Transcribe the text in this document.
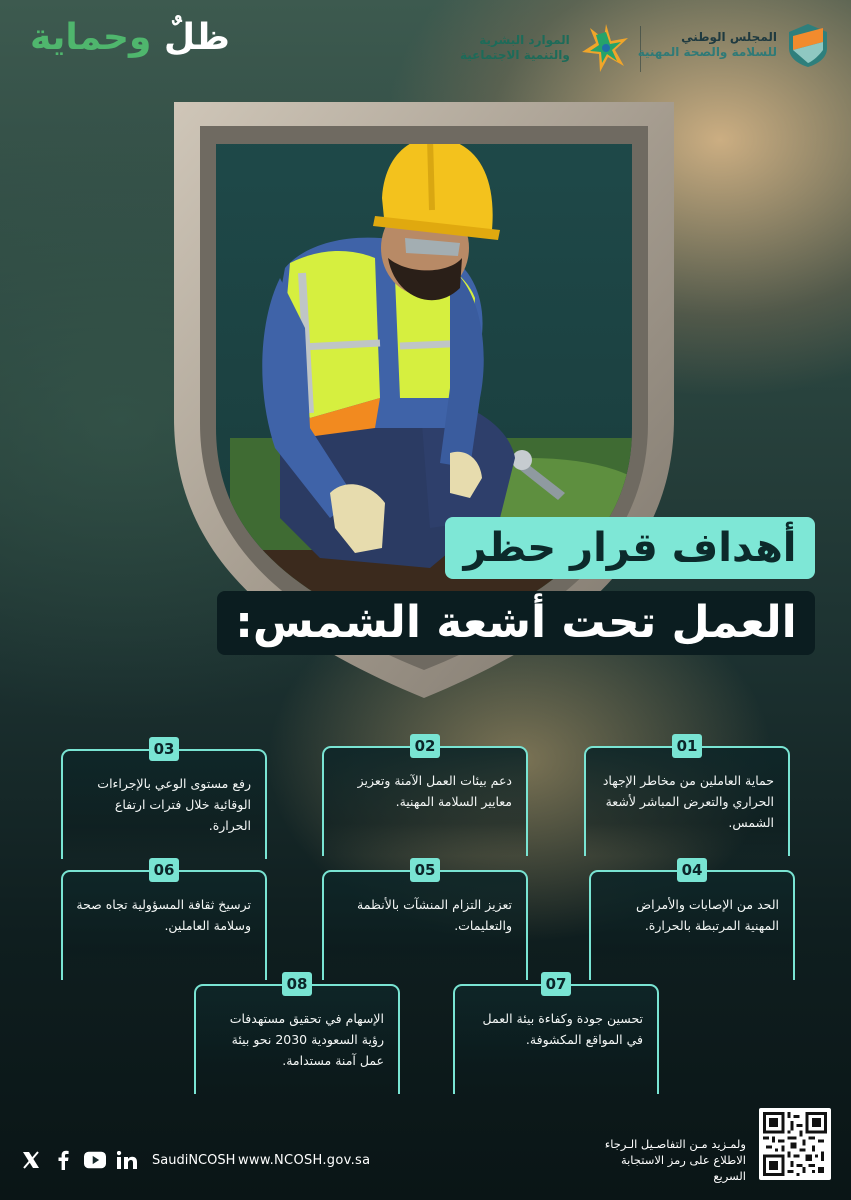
ظلٌ وحماية	الموارد البشرية
والتنمية الاجتماعية
المجلس الوطني
للسلامة والصحة المهنية
أهداف قرار حظر
العمل تحت أشعة الشمس:
01
حماية العاملين من مخاطر الإجهاد الحراري والتعرض المباشر لأشعة الشمس.
02
دعم بيئات العمل الآمنة وتعزيز معايير السلامة المهنية.
03
رفع مستوى الوعي بالإجراءات الوقائية خلال فترات ارتفاع الحرارة.
04
الحد من الإصابات والأمراض المهنية المرتبطة بالحرارة.
05
تعزيز التزام المنشآت بالأنظمة والتعليمات.
06
ترسيخ ثقافة المسؤولية تجاه صحة وسلامة العاملين.
07
تحسين جودة وكفاءة بيئة العمل في المواقع المكشوفة.
08
الإسهام في تحقيق مستهدفات رؤية السعودية 2030 نحو بيئة عمل آمنة مستدامة.
SaudiNCOSH www.NCOSH.gov.sa
ولمـزيد مـن التفاصـيل الـرجاء الاطلاع على رمز الاستجابة السريع
